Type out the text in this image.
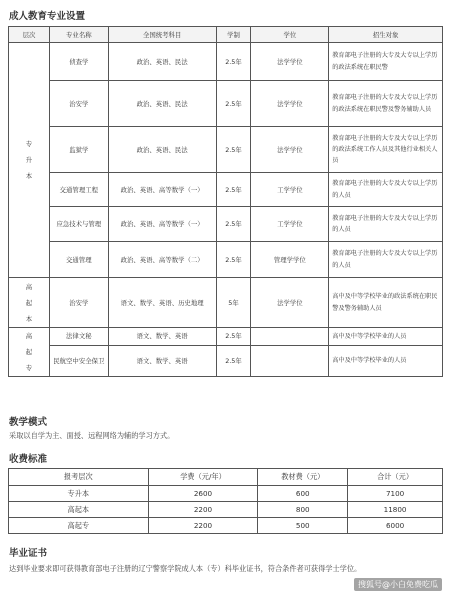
成人教育专业设置
层次	专业名称	全国统考科目	学制	学位	招生对象
专
升
本	侦查学	政治、英语、民法	2.5年	法学学位	教育部电子注册的大专及大专以上学历的政法系统在职民警
	治安学	政治、英语、民法	2.5年	法学学位	教育部电子注册的大专及大专以上学历的政法系统在职民警及警务辅助人员
	监狱学	政治、英语、民法	2.5年	法学学位	教育部电子注册的大专及大专以上学历的政法系统工作人员及其他行业相关人员
	交通管理工程	政治、英语、高等数学（一）	2.5年	工学学位	教育部电子注册的大专及大专以上学历的人员
	应急技术与管理	政治、英语、高等数学（一）	2.5年	工学学位	教育部电子注册的大专及大专以上学历的人员
	交通管理	政治、英语、高等数学（二）	2.5年	管理学学位	教育部电子注册的大专及大专以上学历的人员
高
起
本	治安学	语文、数学、英语、历史地理	5年	法学学位	高中及中等学校毕业的政法系统在职民警及警务辅助人员
高
起
专	法律文秘	语文、数学、英语	2.5年		高中及中等学校毕业的人员
	民航空中安全保卫	语文、数学、英语	2.5年		高中及中等学校毕业的人员
教学模式
采取以自学为主、面授、远程网络为辅的学习方式。
收费标准
报考层次	学费（元/年）	教材费（元）	合计（元）
专升本	2600	600	7100
高起本	2200	800	11800
高起专	2200	500	6000
毕业证书
达到毕业要求即可获得教育部电子注册的辽宁警察学院成人本（专）科毕业证书，符合条件者可获得学士学位。
搜狐号@小白免费吃瓜
